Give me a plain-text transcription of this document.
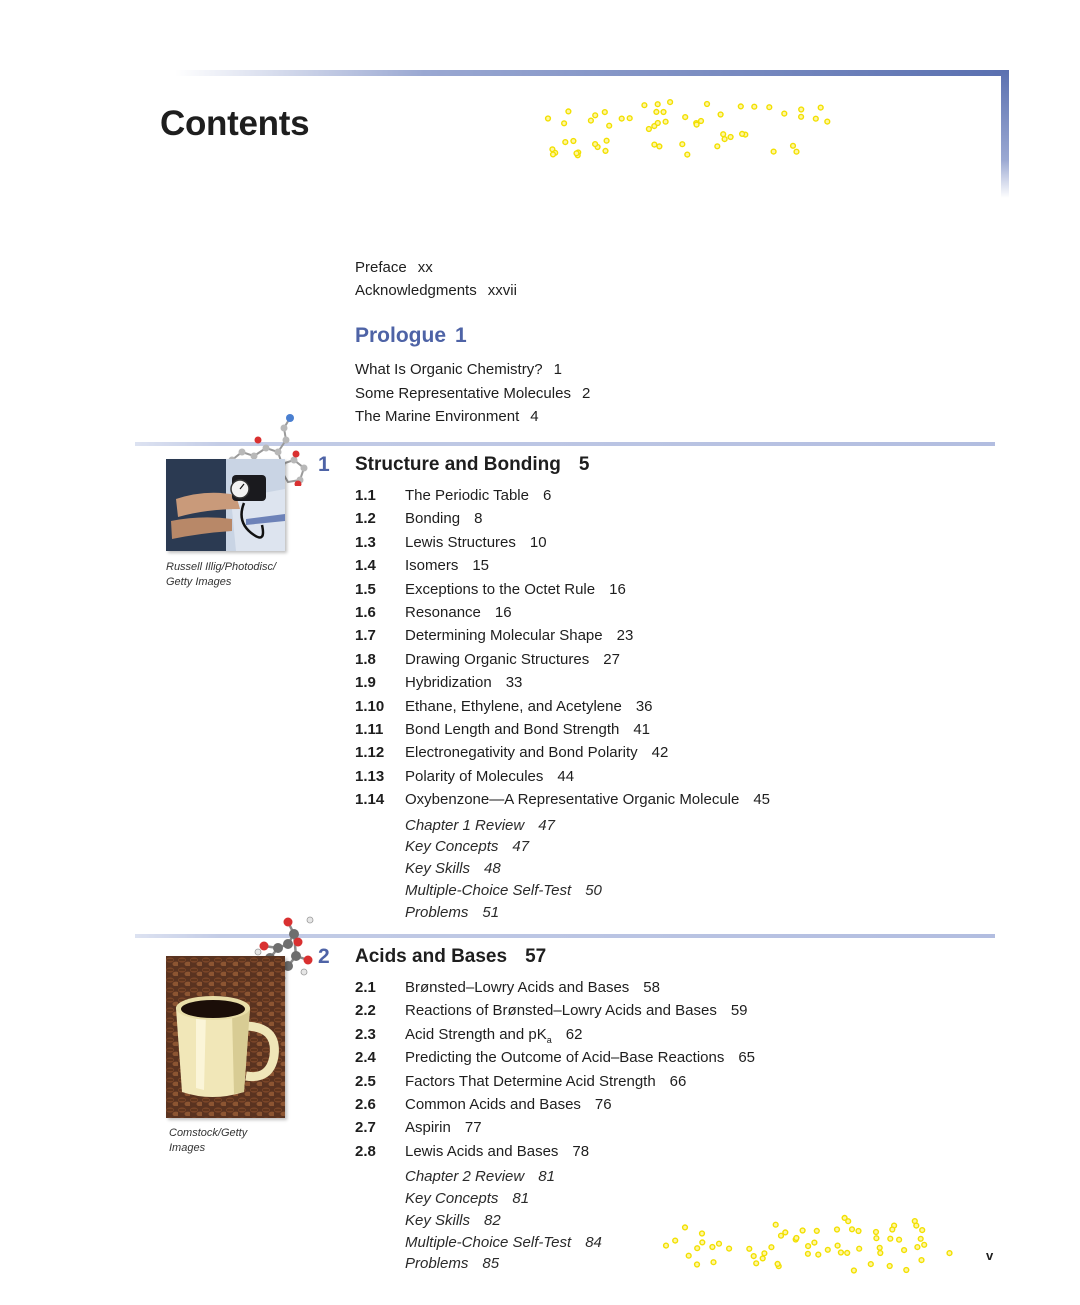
Contents
Preface xx
Acknowledgments xxvii
Prologue 1
What Is Organic Chemistry? 1
Some Representative Molecules 2
The Marine Environment 4
1 Structure and Bonding 5
Russell Illig/Photodisc/
Getty Images
1.1 The Periodic Table 6
1.2 Bonding 8
1.3 Lewis Structures 10
1.4 Isomers 15
1.5 Exceptions to the Octet Rule 16
1.6 Resonance 16
1.7 Determining Molecular Shape 23
1.8 Drawing Organic Structures 27
1.9 Hybridization 33
1.10 Ethane, Ethylene, and Acetylene 36
1.11 Bond Length and Bond Strength 41
1.12 Electronegativity and Bond Polarity 42
1.13 Polarity of Molecules 44
1.14 Oxybenzone—A Representative Organic Molecule 45
Chapter 1 Review 47
Key Concepts 47
Key Skills 48
Multiple-Choice Self-Test 50
Problems 51
2 Acids and Bases 57
Comstock/Getty
Images
2.1 Brønsted–Lowry Acids and Bases 58
2.2 Reactions of Brønsted–Lowry Acids and Bases 59
2.3 Acid Strength and $pK_a$ 62
2.4 Predicting the Outcome of Acid–Base Reactions 65
2.5 Factors That Determine Acid Strength 66
2.6 Common Acids and Bases 76
2.7 Aspirin 77
2.8 Lewis Acids and Bases 78
Chapter 2 Review 81
Key Concepts 81
Key Skills 82
Multiple-Choice Self-Test 84
Problems 85	v
